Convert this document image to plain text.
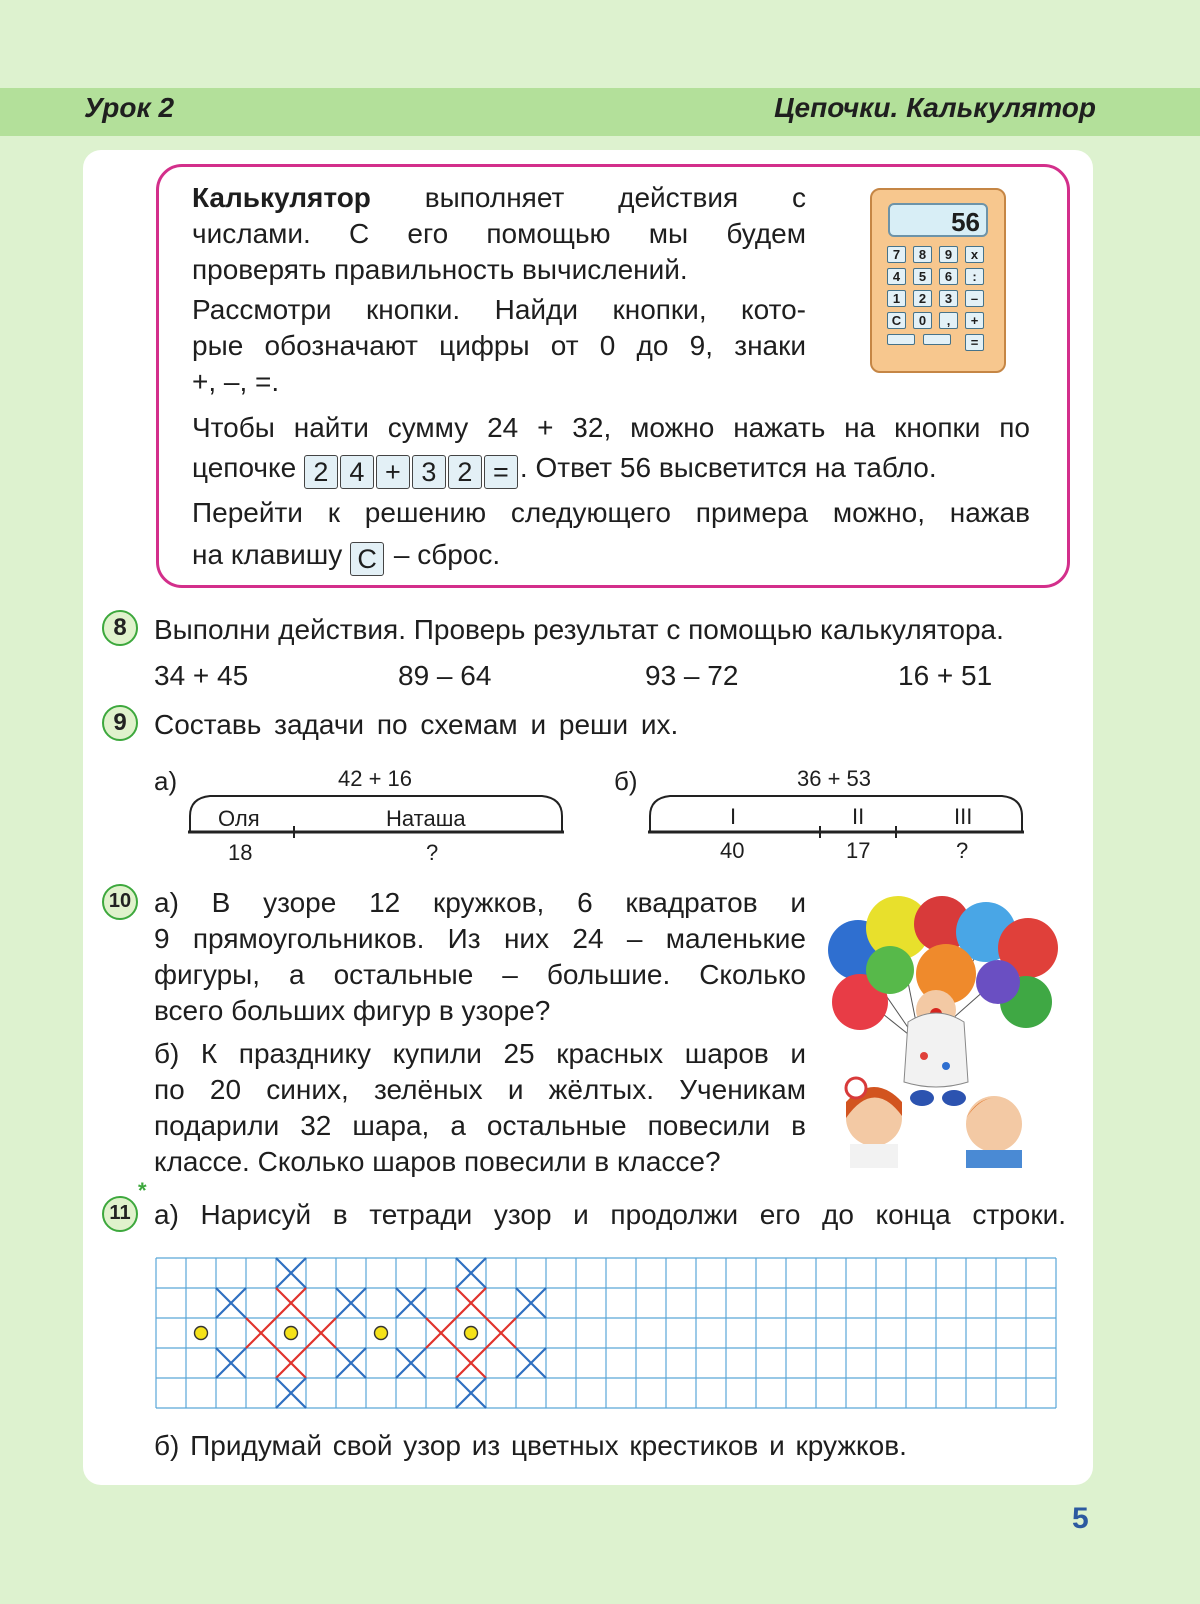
Урок 2	Цепочки. Калькулятор

Калькулятор выполняет действия с

числами. С его помощью мы будем

проверять правильность вычислений.

Рассмотри кнопки. Найди кнопки, кото-

рые обозначают цифры от 0 до 9, знаки

+, –, =.

Чтобы найти сумму 24 + 32, можно нажать на кнопки по

цепочке 2 4 + 3 2 = . Ответ 56 высветится на табло.

Перейти к решению следующего примера можно, нажав

на клавишу С – сброс.

56
7	8	9	x
4	5	6	:
1	2	3	–
C	0	,	+
=
8 Выполни действия. Проверь результат с помощью калькулятора.

34 + 45	89 – 64	93 – 72	16 + 51
9 Составь задачи по схемам и реши их.

а)	42 + 16
Оля	Наташа
18	?
б)	36 + 53
I	II	III
40	17	?
10 а) В узоре 12 кружков, 6 квадратов и

9 прямоугольников. Из них 24 – маленькие

фигуры, а остальные – большие. Сколько

всего больших фигур в узоре?

б) К празднику купили 25 красных шаров и

по 20 синих, зелёных и жёлтых. Ученикам

подарили 32 шара, а остальные повесили в

классе. Сколько шаров повесили в классе?

11
*

а) Нарисуй в тетради узор и продолжи его до конца строки.

б) Придумай свой узор из цветных крестиков и кружков.

5
